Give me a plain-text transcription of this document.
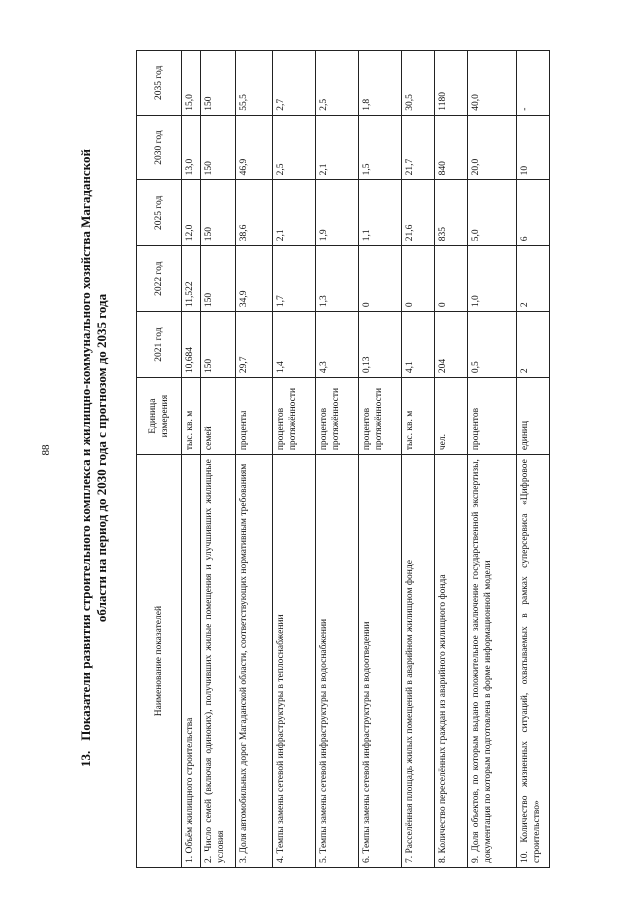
88
13.Показатели развития строительного комплекса и жилищно-коммунального хозяйства Магаданской
области на период до 2030 года с прогнозом до 2035 года
Наименование показателей	Единица измерения	2021 год	2022 год	2025 год	2030 год	2035 год
1. Объём жилищного строительства	тыс. кв. м	10,684	11,522	12,0	13,0	15,0
2. Число семей (включая одиноких), получивших жилые помещения и улучшивших жилищные условия	семей	150	150	150	150	150
3. Доля автомобильных дорог Магаданской области, соответствующих нормативным требованиям	проценты	29,7	34,9	38,6	46,9	55,5
4. Темпы замены сетевой инфраструктуры в теплоснабжении	процентов протяжённости	1,4	1,7	2,1	2,5	2,7
5. Темпы замены сетевой инфраструктуры в водоснабжении	процентов протяжённости	4,3	1,3	1,9	2,1	2,5
6. Темпы замены сетевой инфраструктуры в водоотведении	процентов протяжённости	0,13	0	1,1	1,5	1,8
7. Расселённая площадь жилых помещений в аварийном жилищном фонде	тыс. кв. м	4,1	0	21,6	21,7	30,5
8. Количество переселённых граждан из аварийного жилищного фонда	чел.	204	0	835	840	1180
9. Доля объектов, по которым выдано положительное заключение государственной экспертизы, документация по которым подготовлена в форме информационной модели	процентов	0,5	1,0	5,0	20,0	40,0
10. Количество жизненных ситуаций, охватываемых в рамках суперсервиса «Цифровое строительство»	единиц	2	2	6	10	-
